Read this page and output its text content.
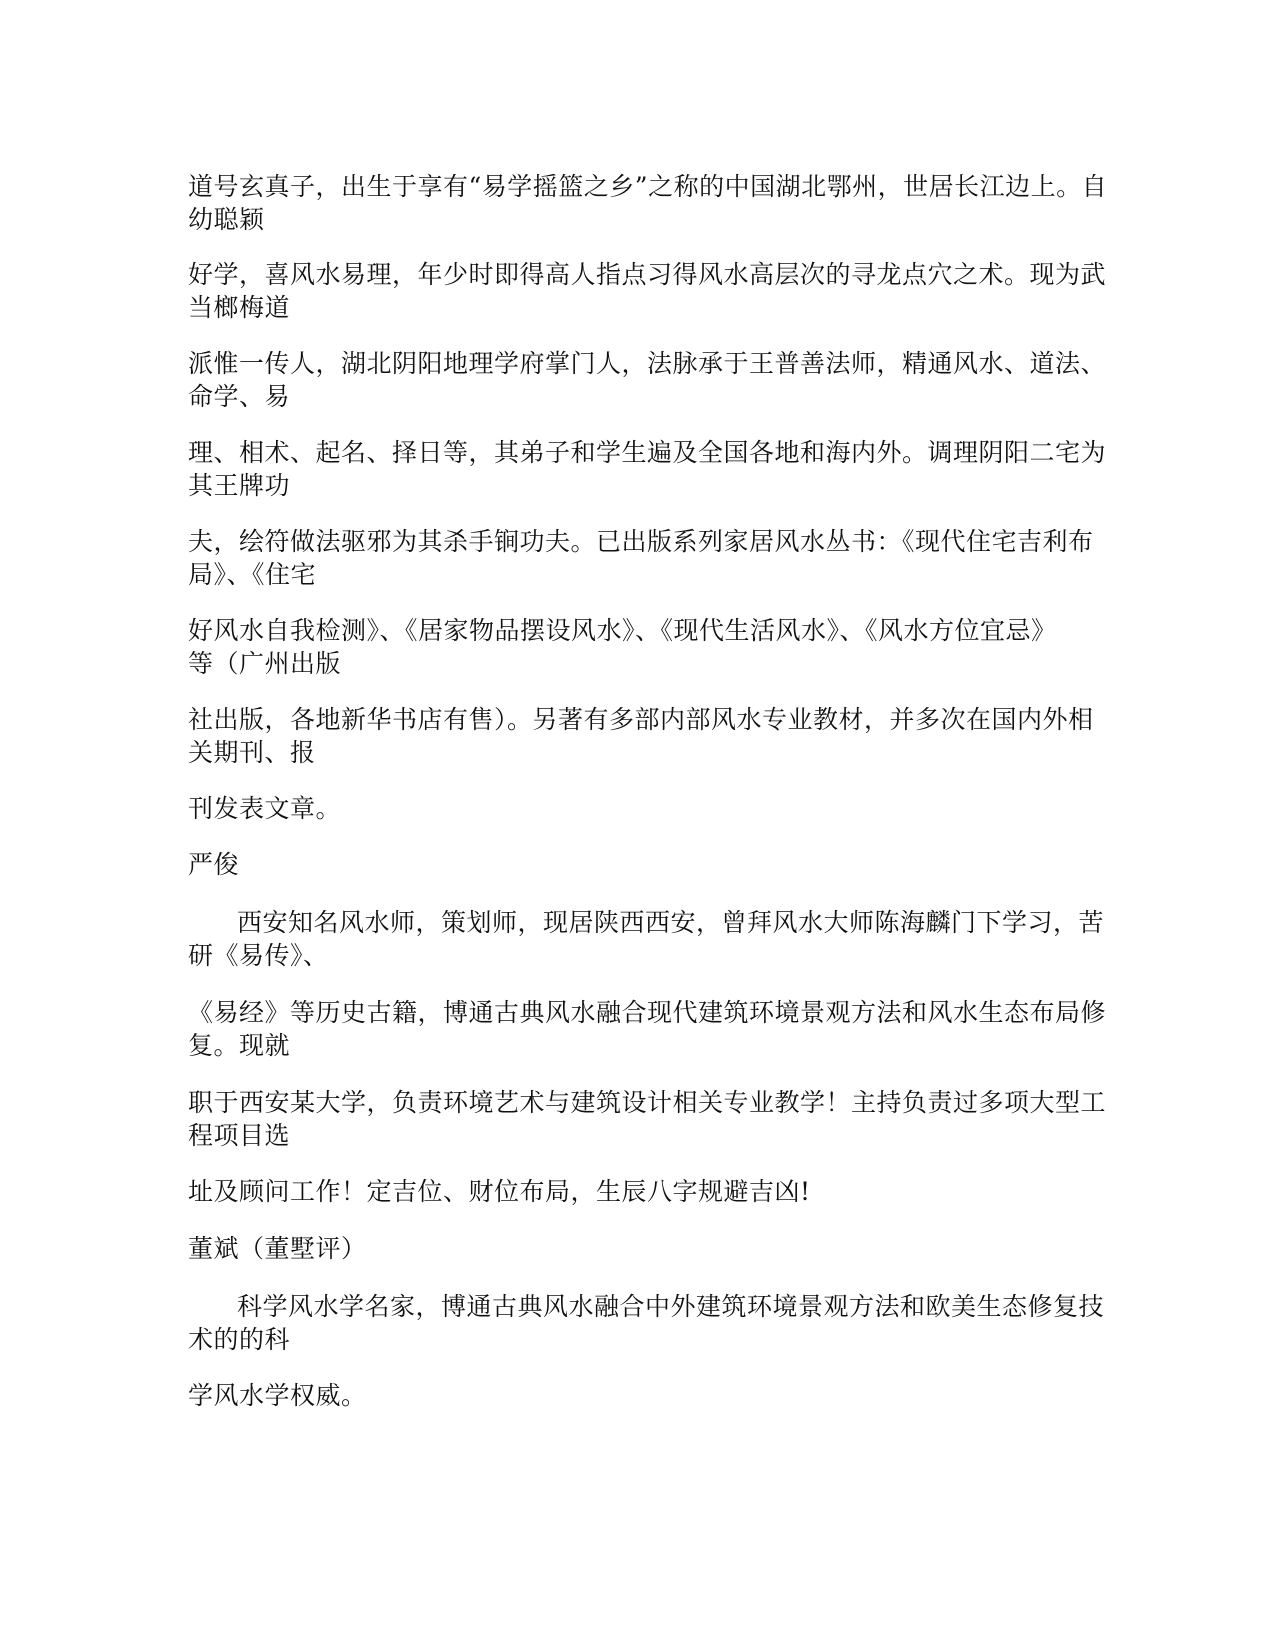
道号玄真子，出生于享有“易学摇篮之乡”之称的中国湖北鄂州，世居长江边上。自
幼聪颖
好学，喜风水易理，年少时即得高人指点习得风水高层次的寻龙点穴之术。现为武
当榔梅道
派惟一传人，湖北阴阳地理学府掌门人，法脉承于王普善法师，精通风水、道法、
命学、易
理、相术、起名、择日等，其弟子和学生遍及全国各地和海内外。调理阴阳二宅为
其王牌功
夫，绘符做法驱邪为其杀手锏功夫。已出版系列家居风水丛书：《现代住宅吉利布
局》、《住宅
好风水自我检测》、《居家物品摆设风水》、《现代生活风水》、《风水方位宜忌》
等（广州出版
社出版，各地新华书店有售）。另著有多部内部风水专业教材，并多次在国内外相
关期刊、报
刊发表文章。
严俊
西安知名风水师，策划师，现居陕西西安，曾拜风水大师陈海麟门下学习，苦
研《易传》、
《易经》等历史古籍，博通古典风水融合现代建筑环境景观方法和风水生态布局修
复。现就
职于西安某大学，负责环境艺术与建筑设计相关专业教学！主持负责过多项大型工
程项目选
址及顾问工作！定吉位、财位布局，生辰八字规避吉凶!
董斌（董墅评）
科学风水学名家，博通古典风水融合中外建筑环境景观方法和欧美生态修复技
术的的科
学风水学权威。
